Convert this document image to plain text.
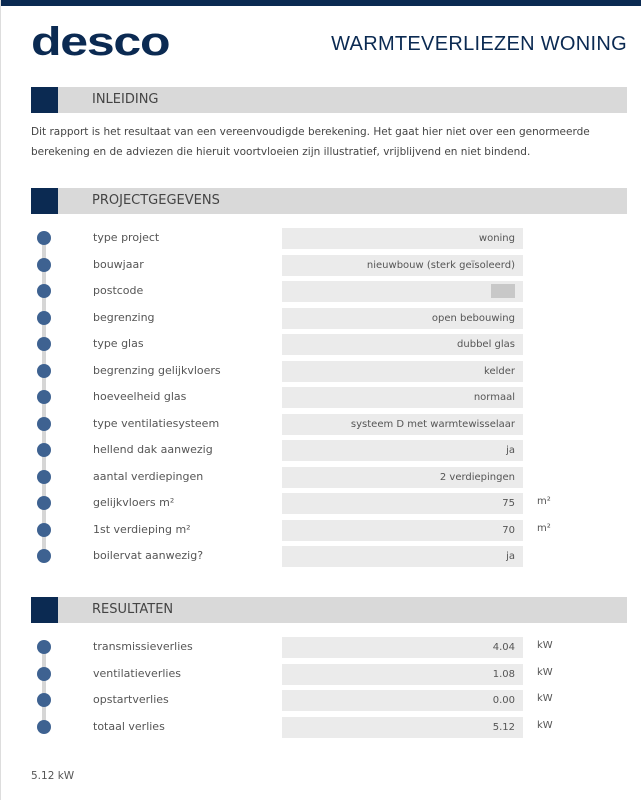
desco	WARMTEVERLIEZEN WONING
INLEIDING
Dit rapport is het resultaat van een vereenvoudigde berekening. Het gaat hier niet over een genormeerde berekening en de adviezen die hieruit voortvloeien zijn illustratief, vrijblijvend en niet bindend.
PROJECTGEGEVENS
type project	woning
bouwjaar	nieuwbouw (sterk geïsoleerd)
postcode
begrenzing	open bebouwing
type glas	dubbel glas
begrenzing gelijkvloers	kelder
hoeveelheid glas	normaal
type ventilatiesysteem	systeem D met warmtewisselaar
hellend dak aanwezig	ja
aantal verdiepingen	2 verdiepingen
gelijkvloers m²	75	m²
1st verdieping m²	70	m²
boilervat aanwezig?	ja
RESULTATEN
transmissieverlies	4.04	kW
ventilatieverlies	1.08	kW
opstartverlies	0.00	kW
totaal verlies	5.12	kW
5.12 kW
